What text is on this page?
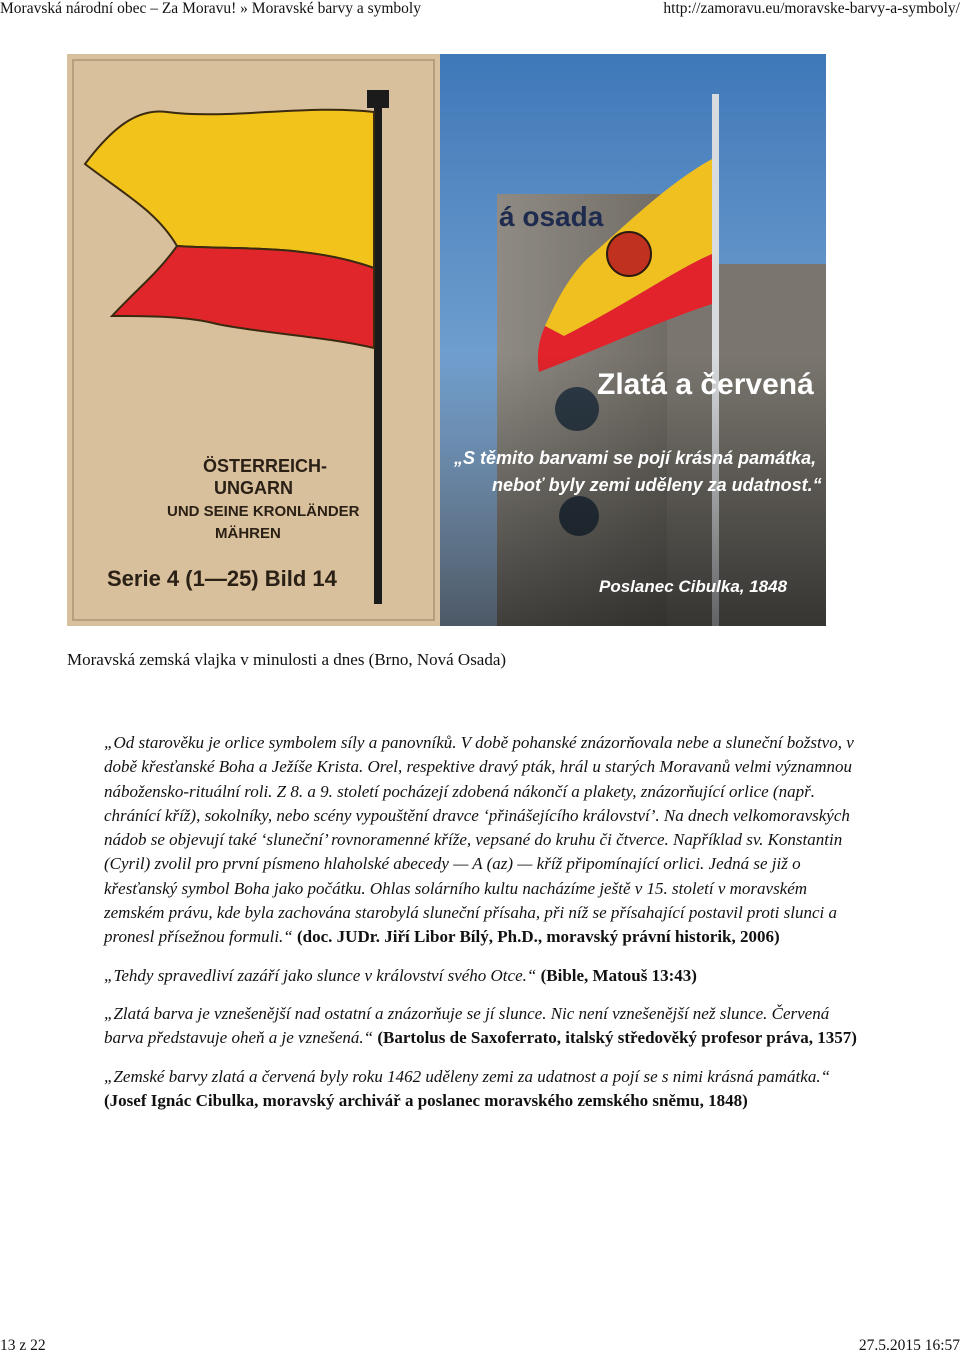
Moravská národní obec – Za Moravu! » Moravské barvy a symboly	http://zamoravu.eu/moravske-barvy-a-symboly/
ÖSTERREICH-
UNGARN
UND SEINE KRONLÄNDER
MÄHREN
Serie 4 (1—25) Bild 14
á osada
Zlatá a červená
„S těmito barvami se pojí krásná památka,
neboť byly zemi uděleny za udatnost.“
Poslanec Cibulka, 1848
Moravská zemská vlajka v minulosti a dnes (Brno, Nová Osada)

„Od starověku je orlice symbolem síly a panovníků. V době pohanské znázorňovala nebe a sluneční božstvo, v době křesťanské Boha a Ježíše Krista. Orel, respektive dravý pták, hrál u starých Moravanů velmi významnou nábožensko-rituální roli. Z 8. a 9. století pocházejí zdobená nákončí a plakety, znázorňující orlice (např. chránící kříž), sokolníky, nebo scény vypouštění dravce ‘přinášejícího království’. Na dnech velkomoravských nádob se objevují také ‘sluneční’ rovnoramenné kříže, vepsané do kruhu či čtverce. Například sv. Konstantin (Cyril) zvolil pro první písmeno hlaholské abecedy — A (az) — kříž připomínající orlici. Jedná se již o křesťanský symbol Boha jako počátku. Ohlas solárního kultu nacházíme ještě v 15. století v moravském zemském právu, kde byla zachována starobylá sluneční přísaha, při níž se přísahající postavil proti slunci a pronesl přísežnou formuli.“ (doc. JUDr. Jiří Libor Bílý, Ph.D., moravský právní historik, 2006)

„Tehdy spravedliví zazáří jako slunce v království svého Otce.“ (Bible, Matouš 13:43)

„Zlatá barva je vznešenější nad ostatní a znázorňuje se jí slunce. Nic není vznešenější než slunce. Červená barva představuje oheň a je vznešená.“ (Bartolus de Saxoferrato, italský středověký profesor práva, 1357)

„Zemské barvy zlatá a červená byly roku 1462 uděleny zemi za udatnost a pojí se s nimi krásná památka.“ (Josef Ignác Cibulka, moravský archivář a poslanec moravského zemského sněmu, 1848)

13 z 22	27.5.2015 16:57
